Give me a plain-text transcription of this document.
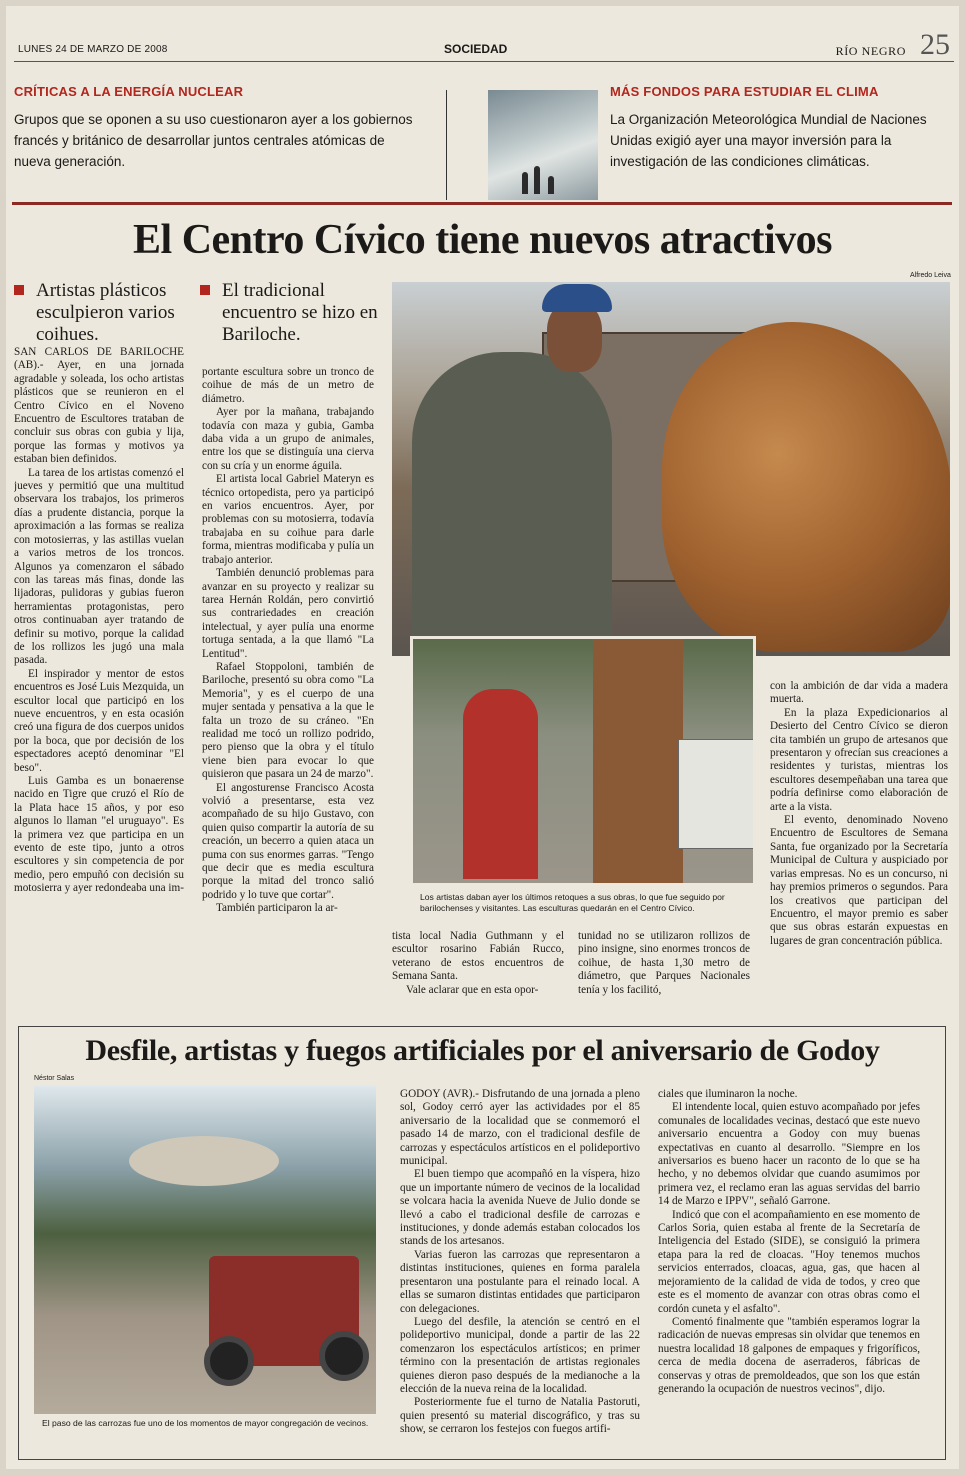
LUNES 24 DE MARZO DE 2008	SOCIEDAD	RÍO NEGRO 25
CRÍTICAS A LA ENERGÍA NUCLEAR

Grupos que se oponen a su uso cuestionaron ayer a los gobiernos francés y británico de desarrollar juntos centrales atómicas de nueva generación.

MÁS FONDOS PARA ESTUDIAR EL CLIMA

La Organización Meteorológica Mundial de Naciones Unidas exigió ayer una mayor inversión para la investigación de las condiciones climáticas.

El Centro Cívico tiene nuevos atractivos
Artistas plásticos esculpieron varios coihues.
El tradicional encuentro se hizo en Bariloche.

SAN CARLOS DE BARILOCHE (AB).- Ayer, en una jornada agradable y soleada, los ocho artistas plásticos que se reunieron en el Centro Cívico en el Noveno Encuentro de Escultores trataban de concluir sus obras con gubia y lija, porque las formas y motivos ya estaban bien definidos.

La tarea de los artistas comenzó el jueves y permitió que una multitud observara los trabajos, los primeros días a prudente distancia, porque la aproximación a las formas se realiza con motosierras, y las astillas vuelan a varios metros de los troncos. Algunos ya comenzaron el sábado con las tareas más finas, donde las lijadoras, pulidoras y gubias fueron herramientas protagonistas, pero otros continuaban ayer tratando de definir su motivo, porque la calidad de los rollizos les jugó una mala pasada.

El inspirador y mentor de estos encuentros es José Luis Mezquida, un escultor local que participó en los nueve encuentros, y en esta ocasión creó una figura de dos cuerpos unidos por la boca, que por decisión de los espectadores aceptó denominar "El beso".

Luis Gamba es un bonaerense nacido en Tigre que cruzó el Río de la Plata hace 15 años, y por eso algunos lo llaman "el uruguayo". Es la primera vez que participa en un evento de este tipo, junto a otros escultores y sin competencia de por medio, pero empuñó con decisión su motosierra y ayer redondeaba una im-

portante escultura sobre un tronco de coihue de más de un metro de diámetro.

Ayer por la mañana, trabajando todavía con maza y gubia, Gamba daba vida a un grupo de animales, entre los que se distinguía una cierva con su cría y un enorme águila.

El artista local Gabriel Materyn es técnico ortopedista, pero ya participó en varios encuentros. Ayer, por problemas con su motosierra, todavía trabajaba en su coihue para darle forma, mientras modificaba y pulía un trabajo anterior.

También denunció problemas para avanzar en su proyecto y realizar su tarea Hernán Roldán, pero convirtió sus contrariedades en creación intelectual, y ayer pulía una enorme tortuga sentada, a la que llamó "La Lentitud".

Rafael Stoppoloni, también de Bariloche, presentó su obra como "La Memoria", y es el cuerpo de una mujer sentada y pensativa a la que le falta un trozo de su cráneo. "En realidad me tocó un rollizo podrido, pero pienso que la obra y el título viene bien para evocar lo que quisieron que pasara un 24 de marzo".

El angosturense Francisco Acosta volvió a presentarse, esta vez acompañado de su hijo Gustavo, con quien quiso compartir la autoría de su creación, un becerro a quien ataca un puma con sus enormes garras. "Tengo que decir que es media escultura porque la mitad del tronco salió podrido y lo tuve que cortar".

También participaron la ar-

Alfredo Leiva
Los artistas daban ayer los últimos retoques a sus obras, lo que fue seguido por barilochenses y visitantes. Las esculturas quedarán en el Centro Cívico.

tista local Nadia Guthmann y el escultor rosarino Fabián Rucco, veterano de estos encuentros de Semana Santa.

Vale aclarar que en esta opor-

tunidad no se utilizaron rollizos de pino insigne, sino enormes troncos de coihue, de hasta 1,30 metro de diámetro, que Parques Nacionales tenía y los facilitó,

con la ambición de dar vida a madera muerta.

En la plaza Expedicionarios al Desierto del Centro Cívico se dieron cita también un grupo de artesanos que presentaron y ofrecían sus creaciones a residentes y turistas, mientras los escultores desempeñaban una tarea que podría definirse como elaboración de arte a la vista.

El evento, denominado Noveno Encuentro de Escultores de Semana Santa, fue organizado por la Secretaría Municipal de Cultura y auspiciado por varias empresas. No es un concurso, ni hay premios primeros o segundos. Para los creativos que participan del Encuentro, el mayor premio es saber que sus obras estarán expuestas en lugares de gran concentración pública.

Desfile, artistas y fuegos artificiales por el aniversario de Godoy
Néstor Salas
El paso de las carrozas fue uno de los momentos de mayor congregación de vecinos.

GODOY (AVR).- Disfrutando de una jornada a pleno sol, Godoy cerró ayer las actividades por el 85 aniversario de la localidad que se conmemoró el pasado 14 de marzo, con el tradicional desfile de carrozas y espectáculos artísticos en el polideportivo municipal.

El buen tiempo que acompañó en la víspera, hizo que un importante número de vecinos de la localidad se volcara hacia la avenida Nueve de Julio donde se llevó a cabo el tradicional desfile de carrozas e instituciones, y donde además estaban colocados los stands de los artesanos.

Varias fueron las carrozas que representaron a distintas instituciones, quienes en forma paralela presentaron una postulante para el reinado local. A ellas se sumaron distintas entidades que participaron con delegaciones.

Luego del desfile, la atención se centró en el polideportivo municipal, donde a partir de las 22 comenzaron los espectáculos artísticos; en primer término con la presentación de artistas regionales quienes dieron paso después de la medianoche a la elección de la nueva reina de la localidad.

Posteriormente fue el turno de Natalia Pastoruti, quien presentó su material discográfico, y tras su show, se cerraron los festejos con fuegos artifi-

ciales que iluminaron la noche.

El intendente local, quien estuvo acompañado por jefes comunales de localidades vecinas, destacó que este nuevo aniversario encuentra a Godoy con muy buenas expectativas en cuanto al desarrollo. "Siempre en los aniversarios es bueno hacer un raconto de lo que se ha hecho, y no debemos olvidar que cuando asumimos por primera vez, el reclamo eran las aguas servidas del barrio 14 de Marzo e IPPV", señaló Garrone.

Indicó que con el acompañamiento en ese momento de Carlos Soria, quien estaba al frente de la Secretaría de Inteligencia del Estado (SIDE), se consiguió la primera etapa para la red de cloacas. "Hoy tenemos muchos servicios enterrados, cloacas, agua, gas, que hacen al mejoramiento de la calidad de vida de todos, y creo que este es el momento de avanzar con otras obras como el cordón cuneta y el asfalto".

Comentó finalmente que "también esperamos lograr la radicación de nuevas empresas sin olvidar que tenemos en nuestra localidad 18 galpones de empaques y frigoríficos, cerca de media docena de aserraderos, fábricas de conservas y otras de premoldeados, que son los que están generando la ocupación de nuestros vecinos", dijo.
